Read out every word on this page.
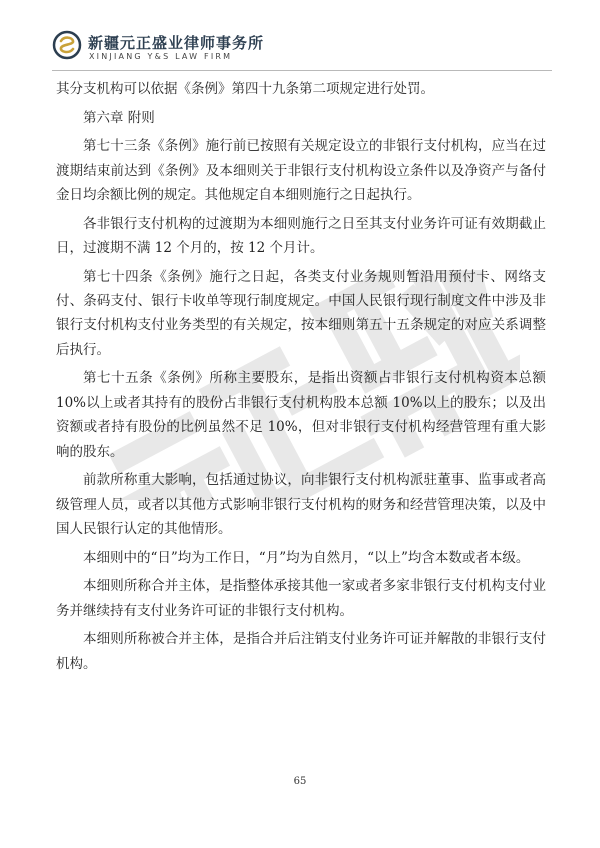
新疆元正盛业律师事务所
XINJIANG Y&S LAW FIRM

其分支机构可以依据《条例》第四十九条第二项规定进行处罚。

第六章 附则

第七十三条《条例》施行前已按照有关规定设立的非银行支付机构，应当在过渡期结束前达到《条例》及本细则关于非银行支付机构设立条件以及净资产与备付金日均余额比例的规定。其他规定自本细则施行之日起执行。

各非银行支付机构的过渡期为本细则施行之日至其支付业务许可证有效期截止日，过渡期不满 12 个月的，按 12 个月计。

第七十四条《条例》施行之日起，各类支付业务规则暂沿用预付卡、网络支付、条码支付、银行卡收单等现行制度规定。中国人民银行现行制度文件中涉及非银行支付机构支付业务类型的有关规定，按本细则第五十五条规定的对应关系调整后执行。

第七十五条《条例》所称主要股东，是指出资额占非银行支付机构资本总额 10%以上或者其持有的股份占非银行支付机构股本总额 10%以上的股东；以及出资额或者持有股份的比例虽然不足 10%，但对非银行支付机构经营管理有重大影响的股东。

前款所称重大影响，包括通过协议，向非银行支付机构派驻董事、监事或者高级管理人员，或者以其他方式影响非银行支付机构的财务和经营管理决策，以及中国人民银行认定的其他情形。

本细则中的“日”均为工作日，“月”均为自然月，“以上”均含本数或者本级。

本细则所称合并主体，是指整体承接其他一家或者多家非银行支付机构支付业务并继续持有支付业务许可证的非银行支付机构。

本细则所称被合并主体，是指合并后注销支付业务许可证并解散的非银行支付机构。

65
